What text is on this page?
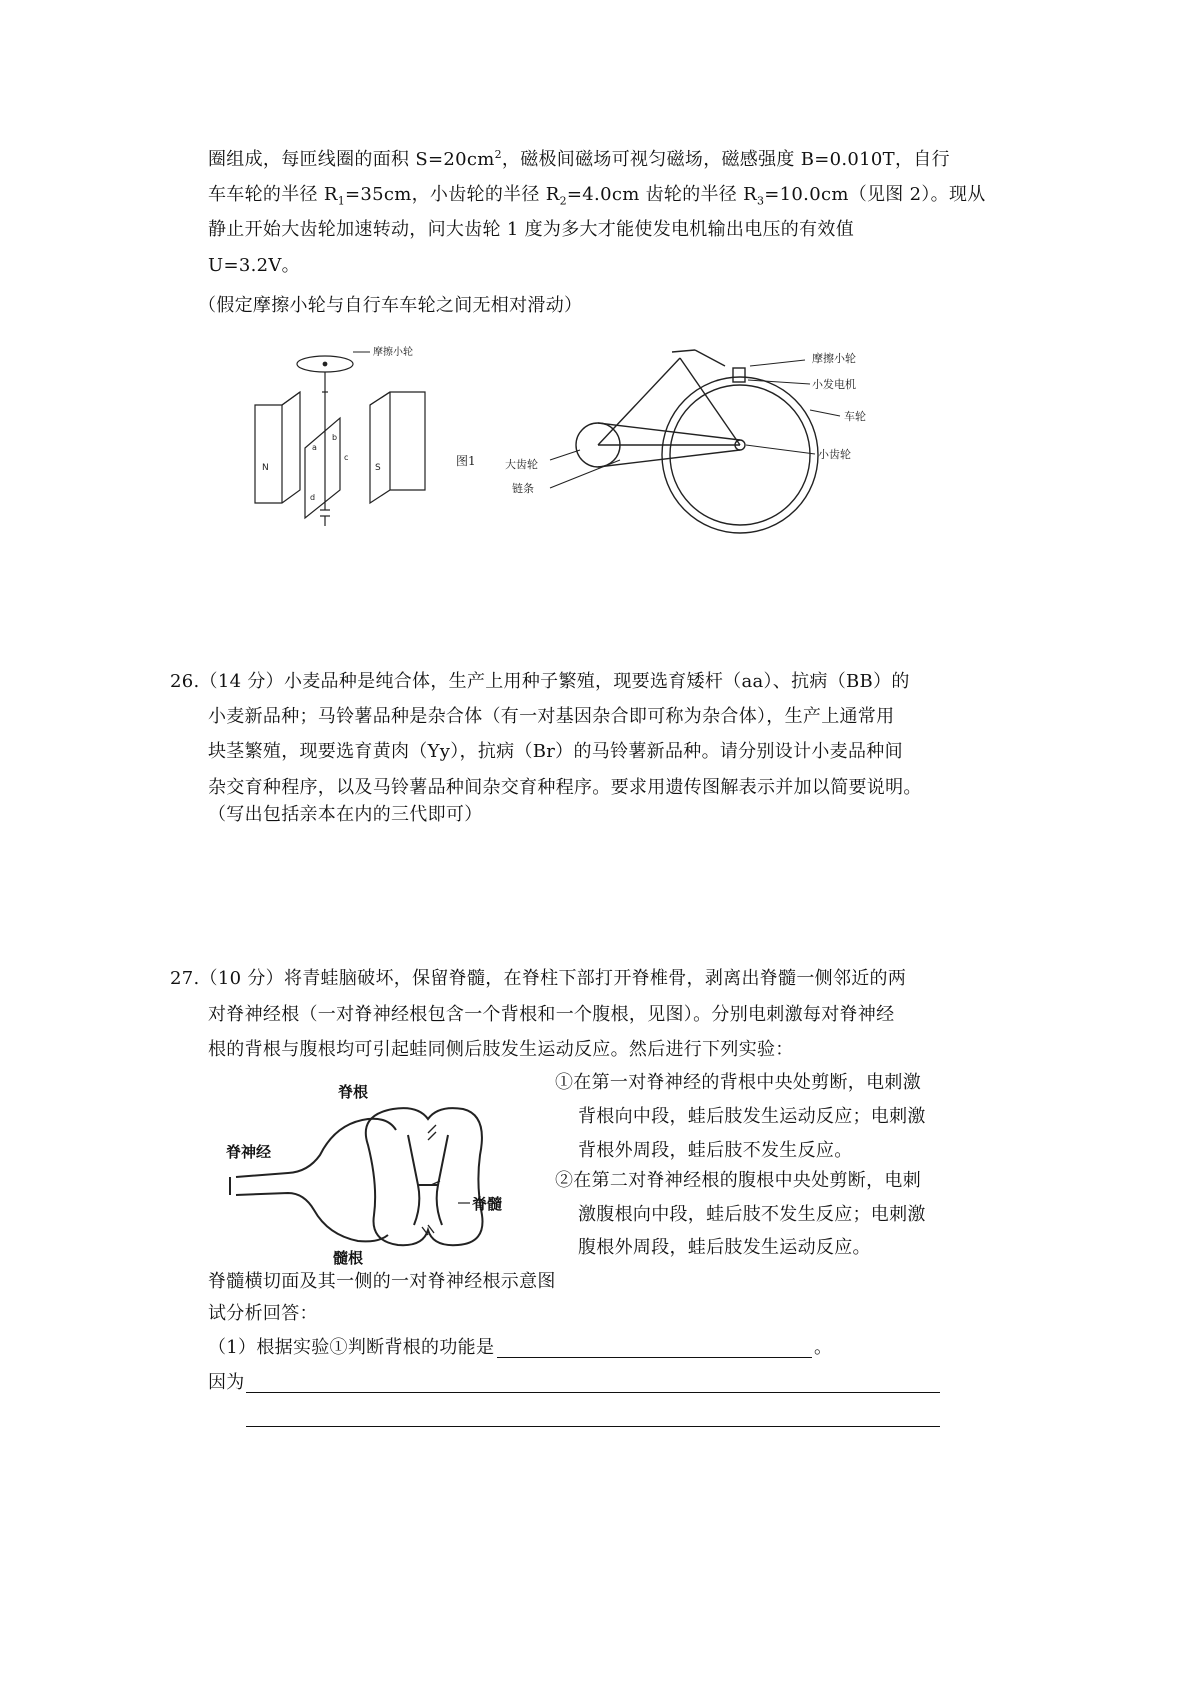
圈组成，每匝线圈的面积 $S=20cm^2$，磁极间磁场可视匀磁场，磁感强度 B=0.010T，自行
车车轮的半径 $R_1=35cm$，小齿轮的半径 $R_2=4.0cm$ 齿轮的半径 $R_3=10.0cm$（见图 2）。现从
静止开始大齿轮加速转动，问大齿轮 1 度为多大才能使发电机输出电压的有效值
U=3.2V。
（假定摩擦小轮与自行车车轮之间无相对滑动）
N	S
a
b
c
d
摩擦小轮	摩擦小轮
小发电机
车轮
小齿轮
大齿轮
链条
图1
26.（14 分）小麦品种是纯合体，生产上用种子繁殖，现要选育矮杆（aa）、抗病（BB）的
小麦新品种；马铃薯品种是杂合体（有一对基因杂合即可称为杂合体），生产上通常用
块茎繁殖，现要选育黄肉（Yy），抗病（Br）的马铃薯新品种。请分别设计小麦品种间
杂交育种程序，以及马铃薯品种间杂交育种程序。要求用遗传图解表示并加以简要说明。
（写出包括亲本在内的三代即可）
27.（10 分）将青蛙脑破坏，保留脊髓，在脊柱下部打开脊椎骨，剥离出脊髓一侧邻近的两
对脊神经根（一对脊神经根包含一个背根和一个腹根，见图）。分别电刺激每对脊神经
根的背根与腹根均可引起蛙同侧后肢发生运动反应。然后进行下列实验：
脊根
脊神经
脊髓
髓根
①在第一对脊神经的背根中央处剪断，电刺激
背根向中段，蛙后肢发生运动反应；电刺激
背根外周段，蛙后肢不发生反应。
②在第二对脊神经根的腹根中央处剪断，电刺
激腹根向中段，蛙后肢不发生反应；电刺激
腹根外周段，蛙后肢发生运动反应。
脊髓横切面及其一侧的一对脊神经根示意图
试分析回答：
（1）根据实验①判断背根的功能是	。
因为
